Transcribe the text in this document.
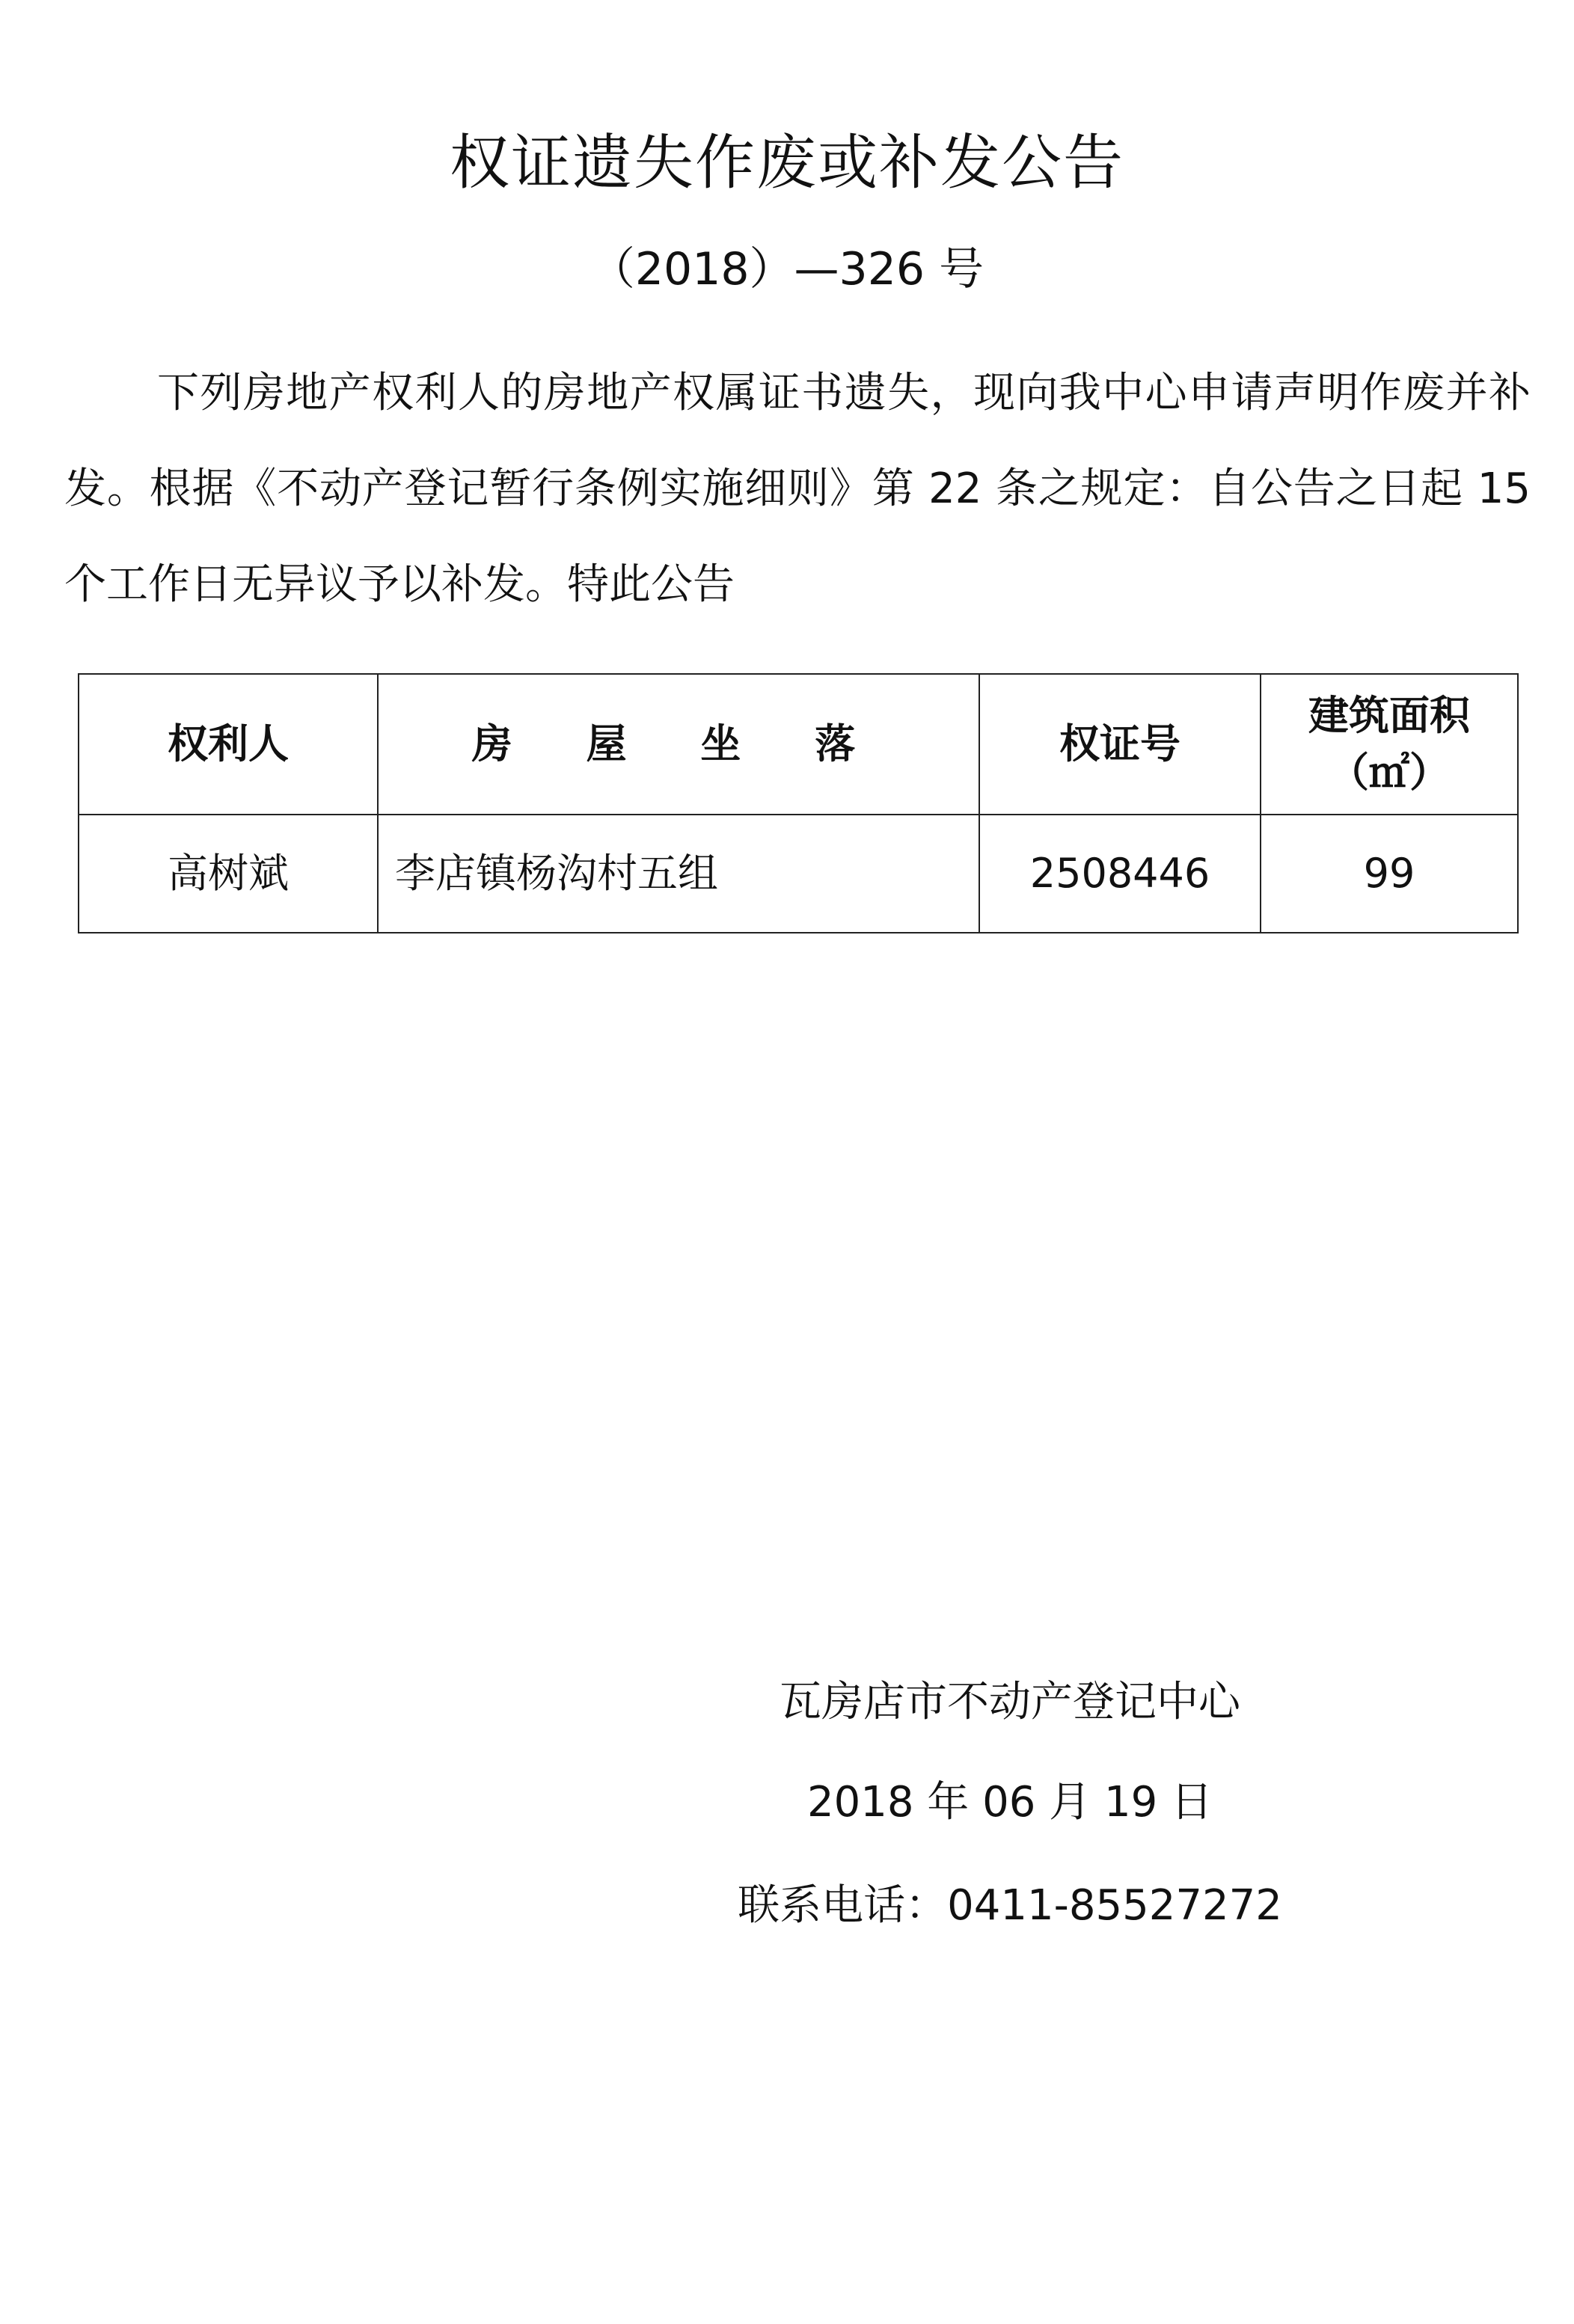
权证遗失作废或补发公告
（2018）—326 号
下列房地产权利人的房地产权属证书遗失，现向我中心申请声明作废并补发。根据《不动产登记暂行条例实施细则》第 22 条之规定：自公告之日起 15 个工作日无异议予以补发。特此公告
权利人	房 屋 坐 落	权证号	建筑面积
（㎡）

高树斌	李店镇杨沟村五组	2508446	99
瓦房店市不动产登记中心
2018 年 06 月 19 日
联系电话：0411-85527272
